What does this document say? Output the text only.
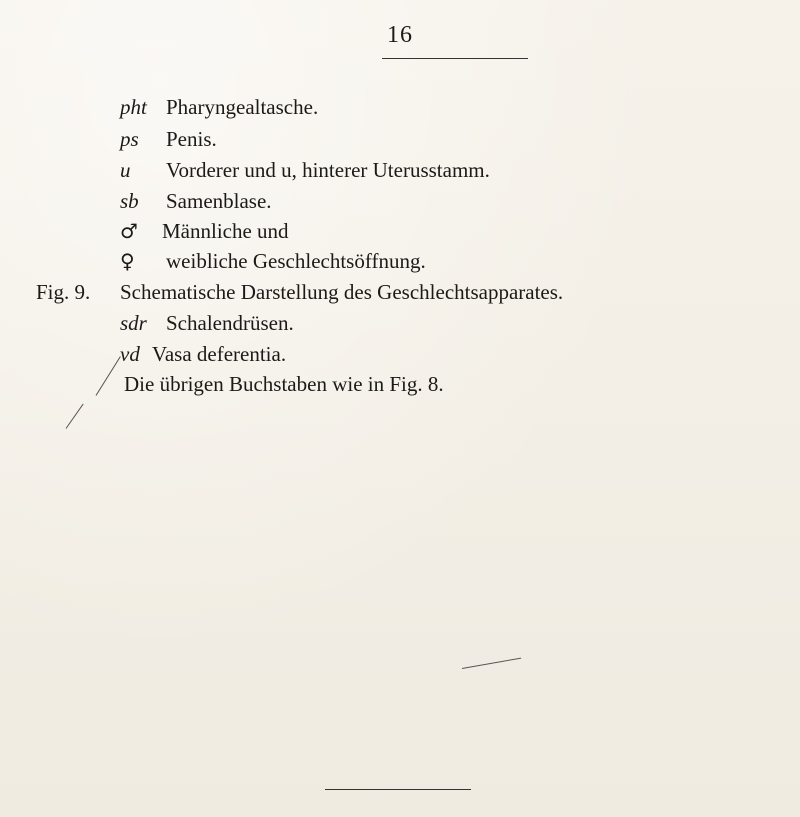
16
pht Pharyngealtasche.
ps Penis.
u Vorderer und u, hinterer Uterusstamm.
sb Samenblase.
♂ Männliche und
♀ weibliche Geschlechtsöffnung.
Fig. 9. Schematische Darstellung des Geschlechtsapparates.
sdr Schalendrüsen.
vd Vasa deferentia.
Die übrigen Buchstaben wie in Fig. 8.
